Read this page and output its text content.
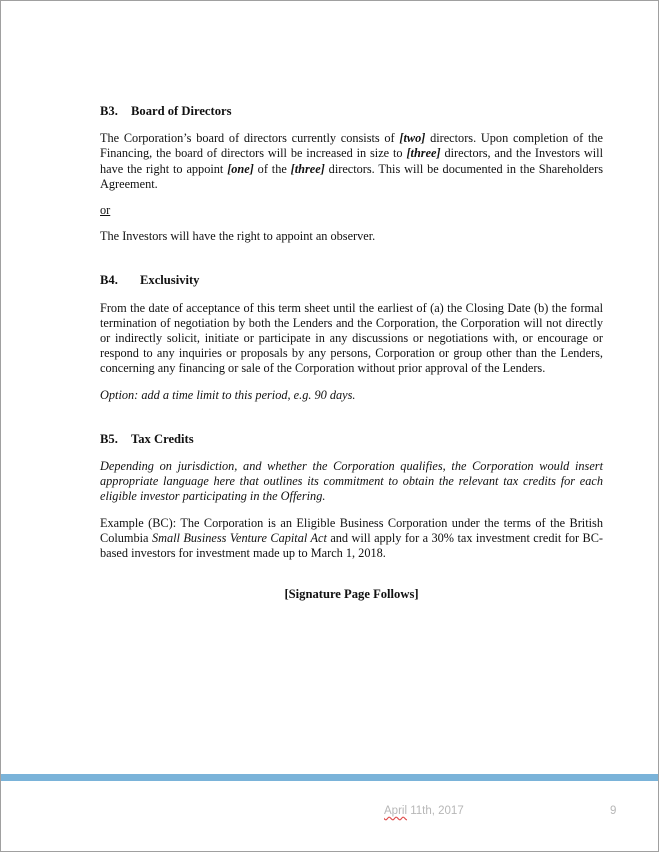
B3. Board of Directors
The Corporation’s board of directors currently consists of [two] directors. Upon completion of the Financing, the board of directors will be increased in size to [three] directors, and the Investors will have the right to appoint [one] of the [three] directors. This will be documented in the Shareholders Agreement.
or
The Investors will have the right to appoint an observer.
B4. Exclusivity
From the date of acceptance of this term sheet until the earliest of (a) the Closing Date (b) the formal termination of negotiation by both the Lenders and the Corporation, the Corporation will not directly or indirectly solicit, initiate or participate in any discussions or negotiations with, or encourage or respond to any inquiries or proposals by any persons, Corporation or group other than the Lenders, concerning any financing or sale of the Corporation without prior approval of the Lenders.
Option: add a time limit to this period, e.g. 90 days.
B5. Tax Credits
Depending on jurisdiction, and whether the Corporation qualifies, the Corporation would insert appropriate language here that outlines its commitment to obtain the relevant tax credits for each eligible investor participating in the Offering.
Example (BC): The Corporation is an Eligible Business Corporation under the terms of the British Columbia Small Business Venture Capital Act and will apply for a 30% tax investment credit for BC-based investors for investment made up to March 1, 2018.
[Signature Page Follows]
April 11th, 2017	9
